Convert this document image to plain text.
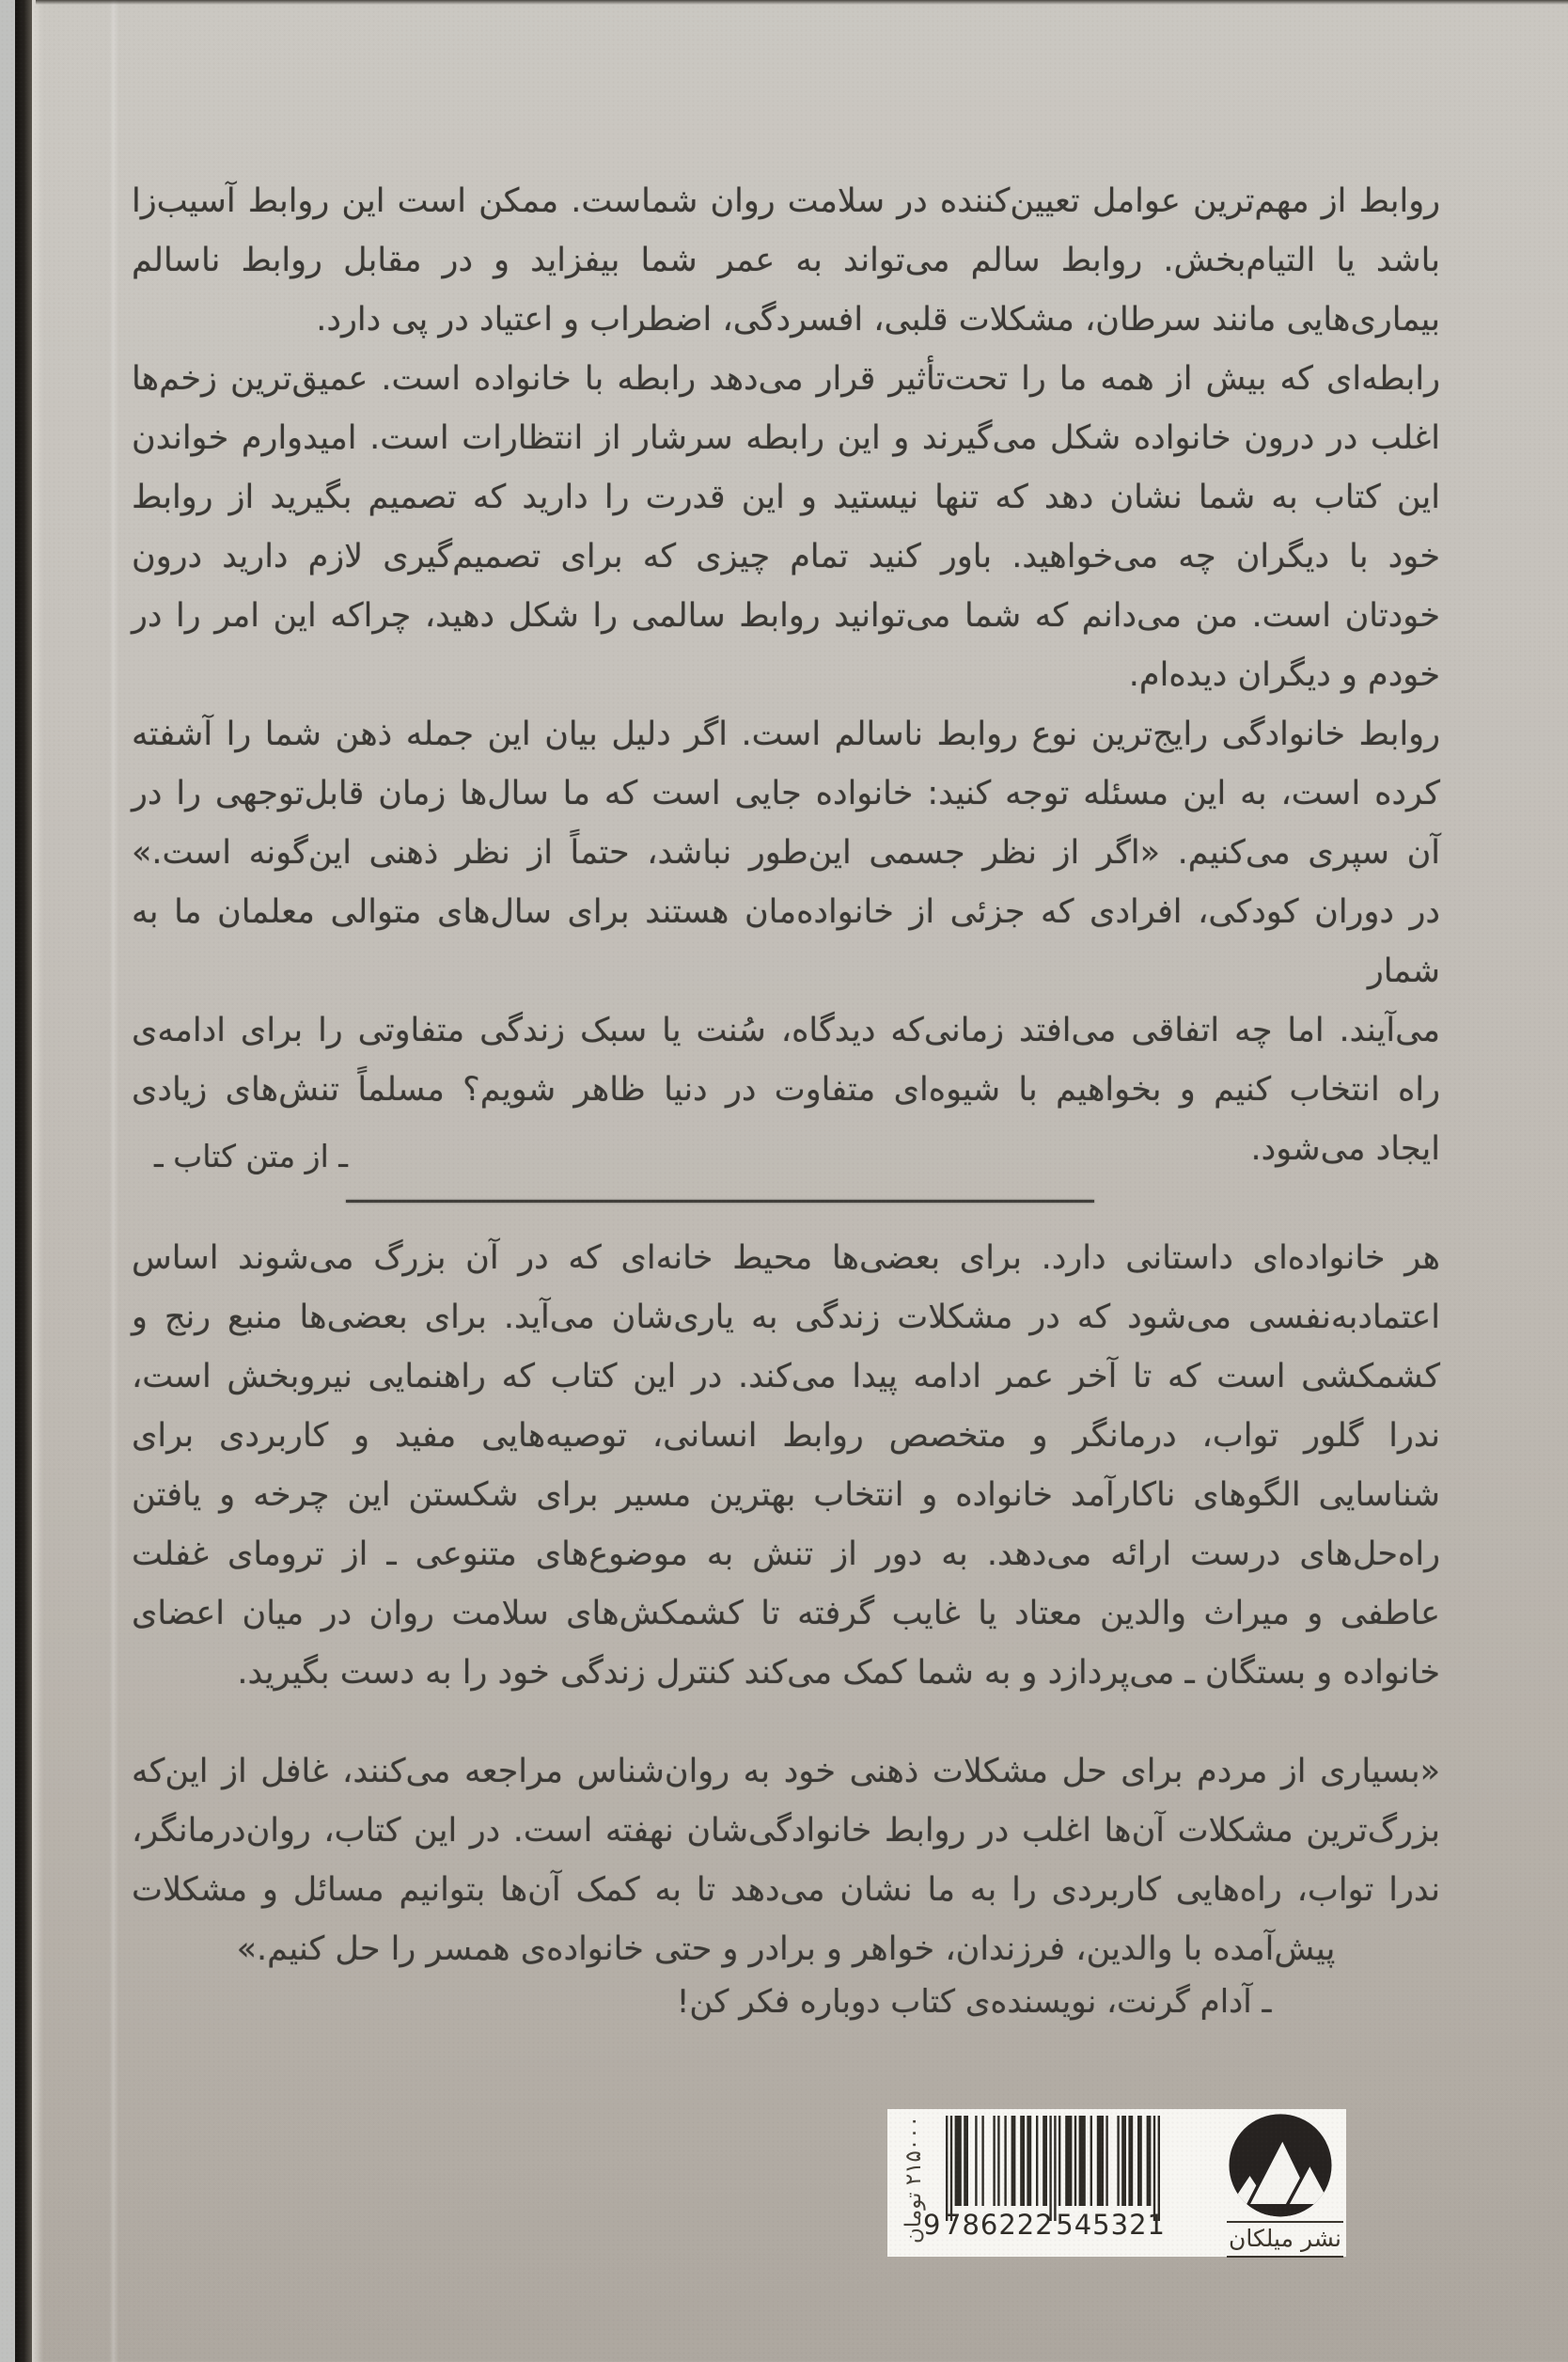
روابط از مهم‌ترین عوامل تعیین‌کننده در سلامت روان شماست. ممکن است این روابط آسیب‌زا
باشد یا التیام‌بخش. روابط سالم می‌تواند به عمر شما بیفزاید و در مقابل روابط ناسالم
بیماری‌هایی مانند سرطان، مشکلات قلبی، افسردگی، اضطراب و اعتیاد در پی دارد.
رابطه‌ای که بیش از همه ما را تحت‌تأثیر قرار می‌دهد رابطه با خانواده است. عمیق‌ترین زخم‌ها
اغلب در درون خانواده شکل می‌گیرند و این رابطه سرشار از انتظارات است. امیدوارم خواندن
این کتاب به شما نشان دهد که تنها نیستید و این قدرت را دارید که تصمیم بگیرید از روابط
خود با دیگران چه می‌خواهید. باور کنید تمام چیزی که برای تصمیم‌گیری لازم دارید درون
خودتان است. من می‌دانم که شما می‌توانید روابط سالمی را شکل دهید، چراکه این امر را در
خودم و دیگران دیده‌ام.
روابط خانوادگی رایج‌ترین نوع روابط ناسالم است. اگر دلیل بیان این جمله ذهن شما را آشفته
کرده است، به این مسئله توجه کنید: خانواده جایی است که ما سال‌ها زمان قابل‌توجهی را در
آن سپری می‌کنیم. «اگر از نظر جسمی این‌طور نباشد، حتماً از نظر ذهنی این‌گونه است.»
در دوران کودکی، افرادی که جزئی از خانواده‌مان هستند برای سال‌های متوالی معلمان ما به شمار
می‌آیند. اما چه اتفاقی می‌افتد زمانی‌که دیدگاه، سُنت یا سبک زندگی متفاوتی را برای ادامه‌ی
راه انتخاب کنیم و بخواهیم با شیوه‌ای متفاوت در دنیا ظاهر شویم؟ مسلماً تنش‌های زیادی
ایجاد می‌شود.
ـ از متن کتاب ـ
هر خانواده‌ای داستانی دارد. برای بعضی‌ها محیط خانه‌ای که در آن بزرگ می‌شوند اساس
اعتمادبه‌نفسی می‌شود که در مشکلات زندگی به یاری‌شان می‌آید. برای بعضی‌ها منبع رنج و
کشمکشی است که تا آخر عمر ادامه پیدا می‌کند. در این کتاب که راهنمایی نیروبخش است،
ندرا گلور تواب، درمانگر و متخصص روابط انسانی، توصیه‌هایی مفید و کاربردی برای
شناسایی الگوهای ناکارآمد خانواده و انتخاب بهترین مسیر برای شکستن این چرخه و یافتن
راه‌حل‌های درست ارائه می‌دهد. به دور از تنش به موضوع‌های متنوعی ـ از ترومای غفلت
عاطفی و میراث والدین معتاد یا غایب گرفته تا کشمکش‌های سلامت روان در میان اعضای
خانواده و بستگان ـ می‌پردازد و به شما کمک می‌کند کنترل زندگی خود را به دست بگیرید.
«بسیاری از مردم برای حل مشکلات ذهنی خود به روان‌شناس مراجعه می‌کنند، غافل از این‌که
بزرگ‌ترین مشکلات آن‌ها اغلب در روابط خانوادگی‌شان نهفته است. در این کتاب، روان‌درمانگر،
ندرا تواب، راه‌هایی کاربردی را به ما نشان می‌دهد تا به کمک آن‌ها بتوانیم مسائل و مشکلات
پیش‌آمده با والدین، فرزندان، خواهر و برادر و حتی خانواده‌ی همسر را حل کنیم.»
ـ آدام گرنت، نویسنده‌ی کتاب دوباره فکر کن!
۲۱۵۰۰۰ تومان
9 786222 545321	نشر میلکان
